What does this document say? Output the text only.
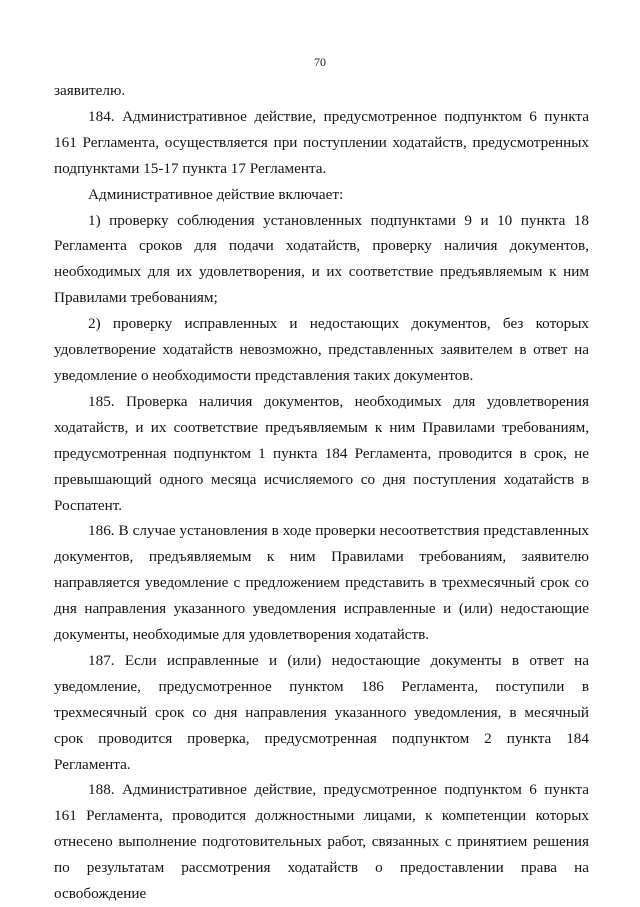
70

заявителю.

184. Административное действие, предусмотренное подпунктом 6 пункта 161 Регламента, осуществляется при поступлении ходатайств, предусмотренных подпунктами 15-17 пункта 17 Регламента.

Административное действие включает:

1) проверку соблюдения установленных подпунктами 9 и 10 пункта 18 Регламента сроков для подачи ходатайств, проверку наличия документов, необходимых для их удовлетворения, и их соответствие предъявляемым к ним Правилами требованиям;

2) проверку исправленных и недостающих документов, без которых удовлетворение ходатайств невозможно, представленных заявителем в ответ на уведомление о необходимости представления таких документов.

185. Проверка наличия документов, необходимых для удовлетворения ходатайств, и их соответствие предъявляемым к ним Правилами требованиям, предусмотренная подпунктом 1 пункта 184 Регламента, проводится в срок, не превышающий одного месяца исчисляемого со дня поступления ходатайств в Роспатент.

186. В случае установления в ходе проверки несоответствия представленных документов, предъявляемым к ним Правилами требованиям, заявителю направляется уведомление с предложением представить в трехмесячный срок со дня направления указанного уведомления исправленные и (или) недостающие документы, необходимые для удовлетворения ходатайств.

187. Если исправленные и (или) недостающие документы в ответ на уведомление, предусмотренное пунктом 186 Регламента, поступили в трехмесячный срок со дня направления указанного уведомления, в месячный срок проводится проверка, предусмотренная подпунктом 2 пункта 184 Регламента.

188. Административное действие, предусмотренное подпунктом 6 пункта 161 Регламента, проводится должностными лицами, к компетенции которых отнесено выполнение подготовительных работ, связанных с принятием решения по результатам рассмотрения ходатайств о предоставлении права на освобождение
